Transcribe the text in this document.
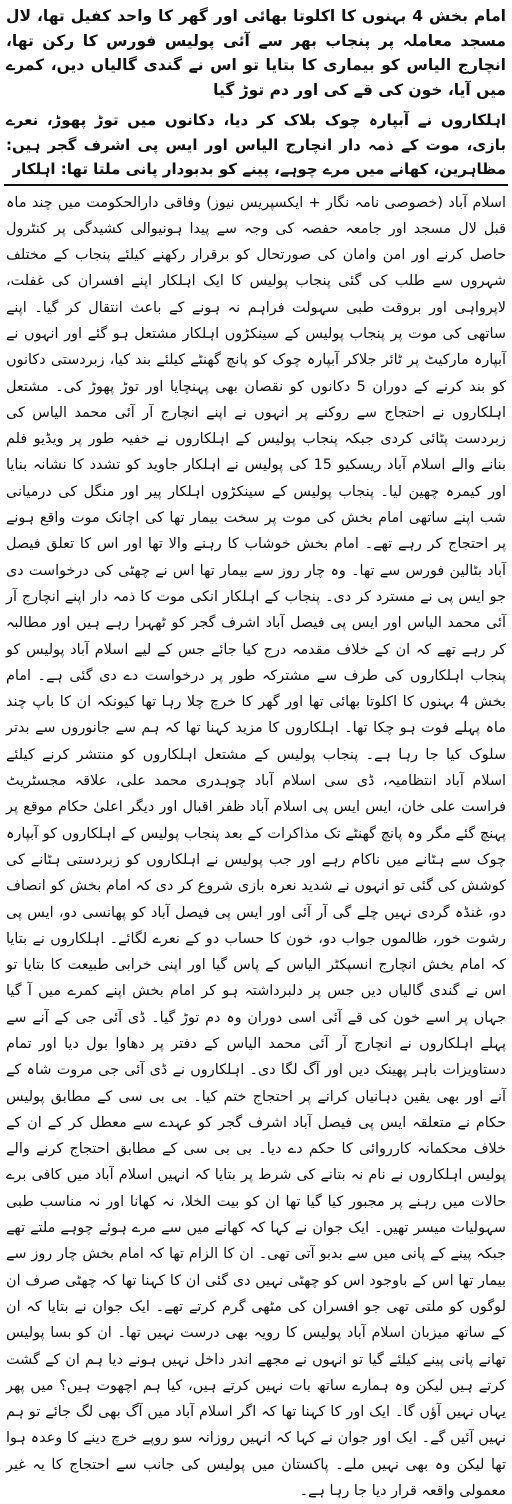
امام بخش 4 بہنوں کا اکلوتا بھائی اور گھر کا واحد کفیل تھا، لال مسجد معاملہ پر پنجاب بھر سے آئی پولیس فورس کا رکن تھا، انچارج الیاس کو بیماری کا بتایا تو اس نے گندی گالیاں دیں، کمرے میں آیا، خون کی قے کی اور دم توڑ گیا

اہلکاروں نے آبپارہ چوک بلاک کر دیا، دکانوں میں توڑ پھوڑ، نعرے بازی، موت کے ذمہ دار انچارج الیاس اور ایس پی اشرف گجر ہیں: مظاہرین، کھانے میں مرے چوہے، پینے کو بدبودار پانی ملتا تھا: اہلکار

اسلام آباد (خصوصی نامہ نگار + ایکسپریس نیوز) وفاقی دارالحکومت میں چند ماہ قبل لال مسجد اور جامعہ حفصہ کی وجہ سے پیدا ہونیوالی کشیدگی پر کنٹرول حاصل کرنے اور امن وامان کی صورتحال کو برقرار رکھنے کیلئے پنجاب کے مختلف شہروں سے طلب کی گئی پنجاب پولیس کا ایک اہلکار اپنے افسران کی غفلت، لاپرواہی اور بروقت طبی سہولت فراہم نہ ہونے کے باعث انتقال کر گیا۔ اپنے ساتھی کی موت پر پنجاب پولیس کے سینکڑوں اہلکار مشتعل ہو گئے اور انہوں نے آبپارہ مارکیٹ پر ٹائر جلاکر آبپارہ چوک کو پانچ گھنٹے کیلئے بند کیا، زبردستی دکانوں کو بند کرنے کے دوران 5 دکانوں کو نقصان بھی پہنچایا اور توڑ پھوڑ کی۔ مشتعل اہلکاروں نے احتجاج سے روکنے پر انہوں نے اپنے انچارج آر آئی محمد الیاس کی زبردست پٹائی کردی جبکہ پنجاب پولیس کے اہلکاروں نے خفیہ طور پر ویڈیو فلم بنانے والے اسلام آباد ریسکیو 15 کی پولیس نے اہلکار جاوید کو تشدد کا نشانہ بنایا اور کیمرہ چھین لیا۔ پنجاب پولیس کے سینکڑوں اہلکار پیر اور منگل کی درمیانی شب اپنے ساتھی امام بخش کی موت پر سخت بیمار تھا کی اچانک موت واقع ہونے پر احتجاج کر رہے تھے۔ امام بخش خوشاب کا رہنے والا تھا اور اس کا تعلق فیصل آباد بٹالین فورس سے تھا۔ وہ چار روز سے بیمار تھا اس نے چھٹی کی درخواست دی جو ایس پی نے مسترد کر دی۔ پنجاب کے اہلکار انکی موت کا ذمہ دار اپنے انچارج آر آئی محمد الیاس اور ایس پی فیصل آباد اشرف گجر کو ٹھہرا رہے ہیں اور مطالبہ کر رہے تھے کہ ان کے خلاف مقدمہ درج کیا جائے جس کے لیے اسلام آباد پولیس کو پنجاب اہلکاروں کی طرف سے مشترکہ طور پر درخواست دے دی گئی ہے۔ امام بخش 4 بہنوں کا اکلوتا بھائی تھا اور گھر کا خرچ چلا رہا تھا کیونکہ ان کا باپ چند ماہ پہلے فوت ہو چکا تھا۔ اہلکاروں کا مزید کہنا تھا کہ ہم سے جانوروں سے بدتر سلوک کیا جا رہا ہے۔ پنجاب پولیس کے مشتعل اہلکاروں کو منتشر کرنے کیلئے اسلام آباد انتظامیہ، ڈی سی اسلام آباد چوہدری محمد علی، علاقہ مجسٹریٹ فراست علی خان، ایس ایس پی اسلام آباد ظفر اقبال اور دیگر اعلیٰ حکام موقع پر پہنچ گئے مگر وہ پانچ گھنٹے تک مذاکرات کے بعد پنجاب پولیس کے اہلکاروں کو آبپارہ چوک سے ہٹانے میں ناکام رہے اور جب پولیس نے اہلکاروں کو زبردستی ہٹانے کی کوشش کی گئی تو انہوں نے شدید نعرہ بازی شروع کر دی کہ امام بخش کو انصاف دو، غنڈہ گردی نہیں چلے گی آر آئی اور ایس پی فیصل آباد کو پھانسی دو، ایس پی رشوت خور، ظالموں جواب دو، خون کا حساب دو کے نعرے لگائے۔ اہلکاروں نے بتایا کہ امام بخش انچارج انسپکٹر الیاس کے پاس گیا اور اپنی خرابی طبیعت کا بتایا تو اس نے گندی گالیاں دیں جس پر دلبرداشتہ ہو کر امام بخش اپنے کمرے میں آ گیا جہاں پر اسے خون کی قے آئی اسی دوران وہ دم توڑ گیا۔ ڈی آئی جی کے آنے سے پہلے اہلکاروں نے انچارج آر آئی محمد الیاس کے دفتر پر دھاوا بول دیا اور تمام دستاویزات باہر پھینک دیں اور آگ لگا دی۔ اہلکاروں نے ڈی آئی جی مروت شاہ کے آنے اور بھی یقین دہانیاں کرانے پر احتجاج ختم کیا۔ بی بی سی کے مطابق پولیس حکام نے متعلقہ ایس پی فیصل آباد اشرف گجر کو عہدے سے معطل کر کے ان کے خلاف محکمانہ کارروائی کا حکم دے دیا۔ بی بی سی کے مطابق احتجاج کرنے والے پولیس اہلکاروں نے نام نہ بتانے کی شرط پر بتایا کہ انہیں اسلام آباد میں کافی برے حالات میں رہنے پر مجبور کیا گیا تھا ان کو بیت الخلا، نہ کھانا اور نہ مناسب طبی سہولیات میسر تھیں۔ ایک جوان نے کہا کہ کھانے میں سے مرے ہوئے چوہے ملتے تھے جبکہ پینے کے پانی میں سے بدبو آتی تھی۔ ان کا الزام تھا کہ امام بخش چار روز سے بیمار تھا اس کے باوجود اس کو چھٹی نہیں دی گئی ان کا کہنا تھا کہ چھٹی صرف ان لوگوں کو ملتی تھی جو افسران کی مٹھی گرم کرتے تھے۔ ایک جوان نے بتایا کہ ان کے ساتھ میزبان اسلام آباد پولیس کا رویہ بھی درست نہیں تھا۔ ان کو بسا پولیس تھانے پانی پینے کیلئے گیا تو انہوں نے مجھے اندر داخل نہیں ہونے دیا ہم ان کے گشت کرتے ہیں لیکن وہ ہمارے ساتھ بات نہیں کرتے ہیں، کیا ہم اچھوت ہیں؟ میں پھر یہاں نہیں آؤں گا۔ ایک اور کا کہنا تھا کہ اگر اسلام آباد میں آگ بھی لگ جائے تو ہم نہیں آئیں گے۔ ایک اور جوان نے کہا کہ انہیں روزانہ سو روپے خرچ دینے کا وعدہ ہوا تھا لیکن وہ بھی نہیں ملے۔ پاکستان میں پولیس کی جانب سے احتجاج کا یہ غیر معمولی واقعہ قرار دیا جا رہا ہے۔
